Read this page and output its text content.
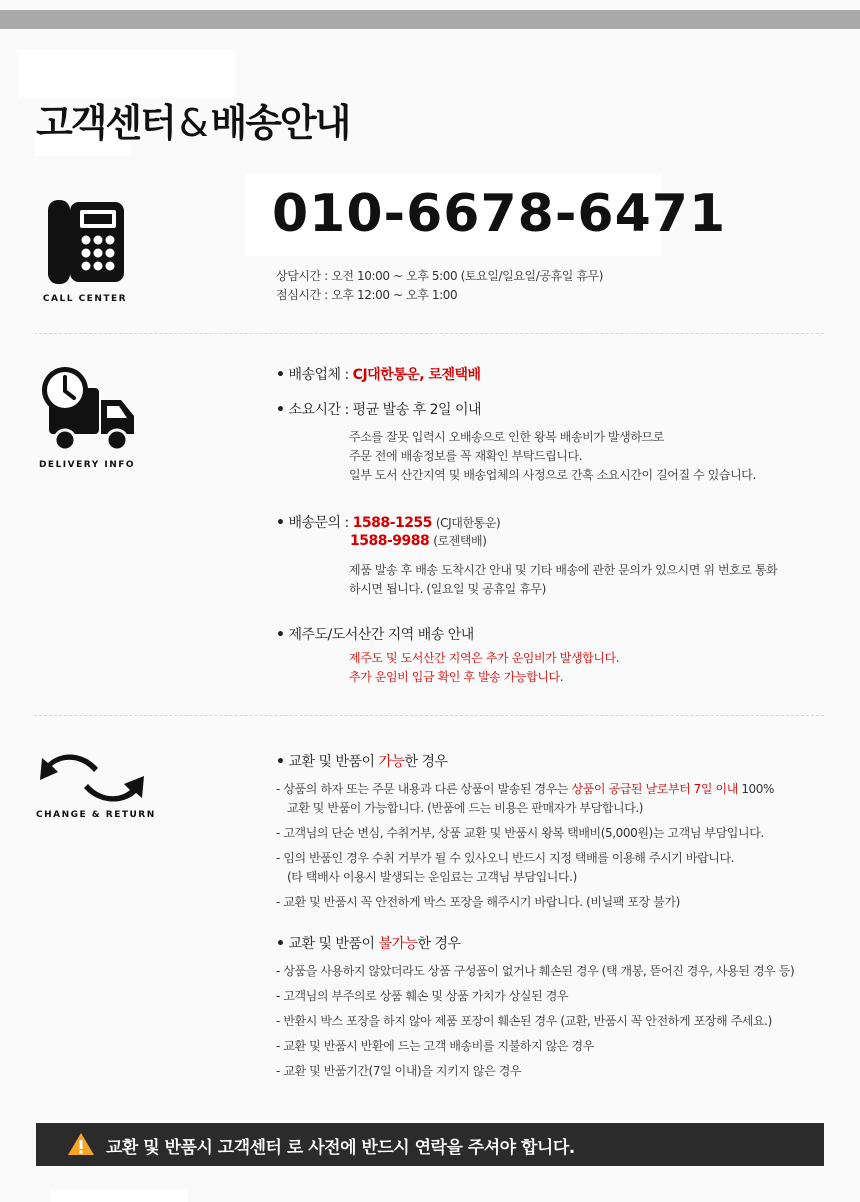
고객센터 & 배송안내
CALL CENTER
010-6678-6471
상담시간 : 오전 10:00 ~ 오후 5:00 (토요일/일요일/공휴일 휴무)
점심시간 : 오후 12:00 ~ 오후 1:00
DELIVERY INFO
• 배송업체 : CJ대한통운, 로젠택배
• 소요시간 : 평균 발송 후 2일 이내
주소를 잘못 입력시 오배송으로 인한 왕복 배송비가 발생하므로
주문 전에 배송정보를 꼭 재확인 부탁드립니다.
일부 도서 산간지역 및 배송업체의 사정으로 간혹 소요시간이 길어질 수 있습니다.
• 배송문의 : 1588-1255 (CJ대한통운)
1588-9988 (로젠택배)
제품 발송 후 배송 도착시간 안내 및 기타 배송에 관한 문의가 있으시면 위 번호로 통화
하시면 됩니다. (일요일 및 공휴일 휴무)
• 제주도/도서산간 지역 배송 안내
제주도 및 도서산간 지역은 추가 운임비가 발생합니다.
추가 운임비 입금 확인 후 발송 가능합니다.
CHANGE & RETURN
• 교환 및 반품이 가능한 경우
- 상품의 하자 또는 주문 내용과 다른 상품이 발송된 경우는 상품이 공급된 날로부터 7일 이내 100%
교환 및 반품이 가능합니다. (반품에 드는 비용은 판매자가 부담합니다.)
- 고객님의 단순 변심, 수취거부, 상품 교환 및 반품시 왕복 택배비(5,000원)는 고객님 부담입니다.
- 임의 반품인 경우 수취 거부가 될 수 있사오니 반드시 지정 택배를 이용해 주시기 바랍니다.
(타 택배사 이용시 발생되는 운임료는 고객님 부담입니다.)
- 교환 및 반품시 꼭 안전하게 박스 포장을 해주시기 바랍니다. (비닐팩 포장 불가)
• 교환 및 반품이 불가능한 경우
- 상품을 사용하지 않았더라도 상품 구성품이 없거나 훼손된 경우 (택 개봉, 뜯어진 경우, 사용된 경우 등)
- 고객님의 부주의로 상품 훼손 및 상품 가치가 상실된 경우
- 반환시 박스 포장을 하지 않아 제품 포장이 훼손된 경우 (교환, 반품시 꼭 안전하게 포장해 주세요.)
- 교환 및 반품시 반환에 드는 고객 배송비를 지불하지 않은 경우
- 교환 및 반품기간(7일 이내)을 지키지 않은 경우
교환 및 반품시 고객센터 로 사전에 반드시 연락을 주셔야 합니다.
